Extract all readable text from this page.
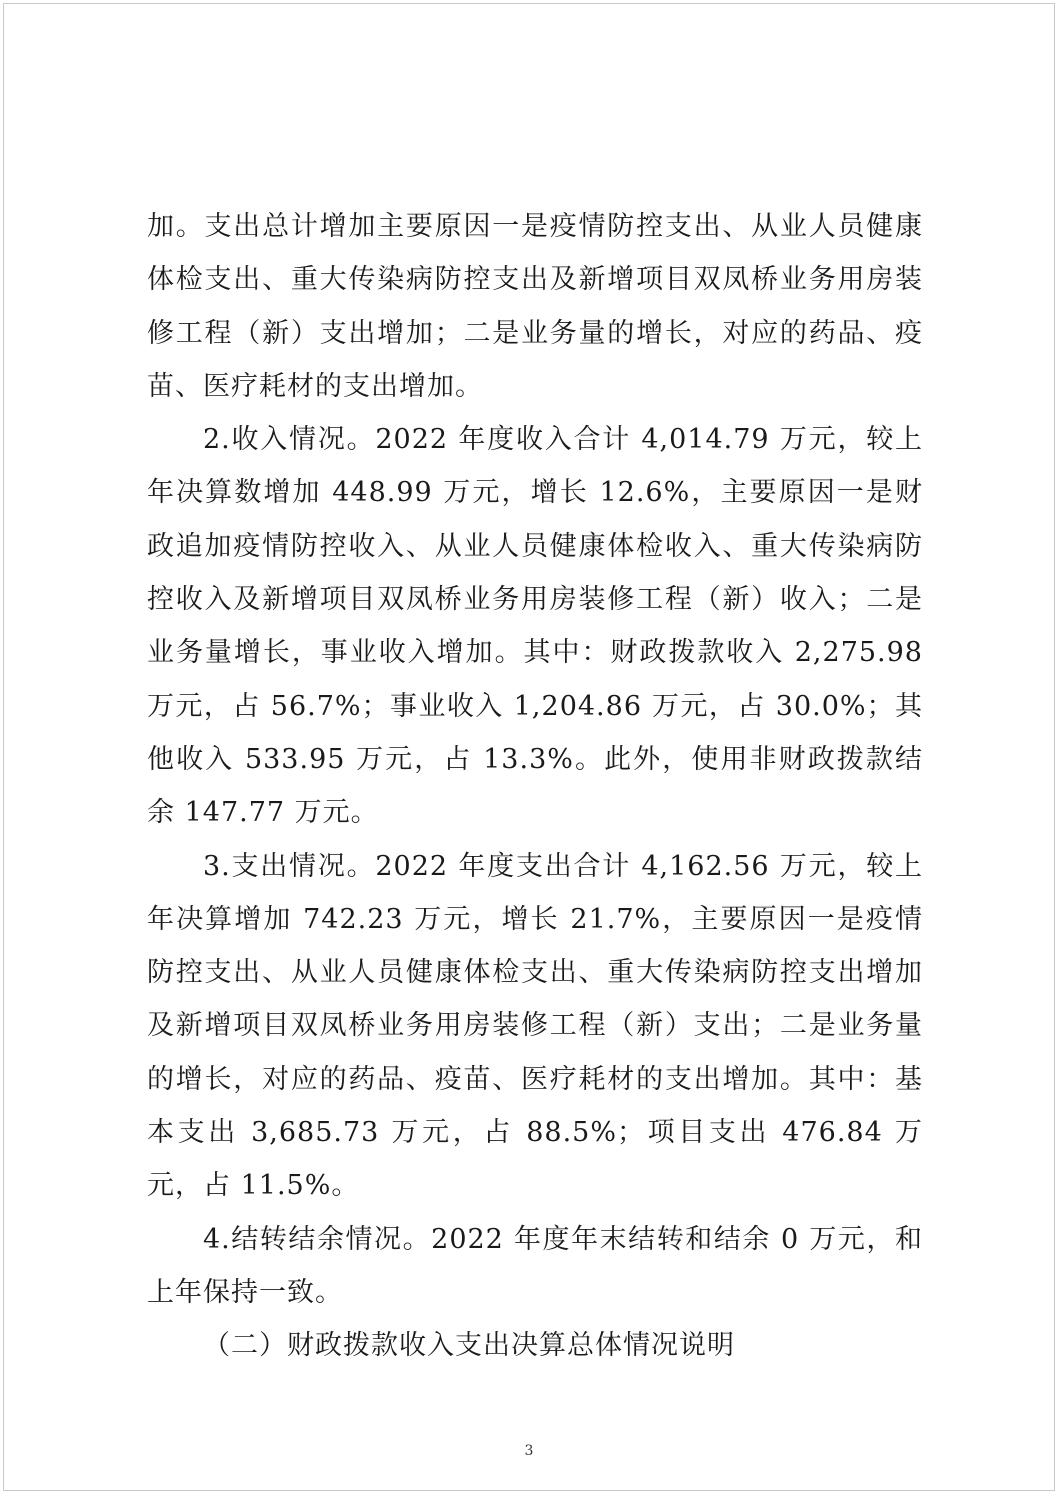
加。支出总计增加主要原因一是疫情防控支出、从业人员健康体检支出、重大传染病防控支出及新增项目双凤桥业务用房装修工程（新）支出增加；二是业务量的增长，对应的药品、疫苗、医疗耗材的支出增加。

2.收入情况。2022 年度收入合计 4,014.79 万元，较上年决算数增加 448.99 万元，增长 12.6%，主要原因一是财政追加疫情防控收入、从业人员健康体检收入、重大传染病防控收入及新增项目双凤桥业务用房装修工程（新）收入；二是业务量增长，事业收入增加。其中：财政拨款收入 2,275.98 万元，占 56.7%；事业收入 1,204.86 万元，占 30.0%；其他收入 533.95 万元，占 13.3%。此外，使用非财政拨款结余 147.77 万元。

3.支出情况。2022 年度支出合计 4,162.56 万元，较上年决算增加 742.23 万元，增长 21.7%，主要原因一是疫情防控支出、从业人员健康体检支出、重大传染病防控支出增加及新增项目双凤桥业务用房装修工程（新）支出；二是业务量的增长，对应的药品、疫苗、医疗耗材的支出增加。其中：基本支出 3,685.73 万元，占 88.5%；项目支出 476.84 万元，占 11.5%。

4.结转结余情况。2022 年度年末结转和结余 0 万元，和上年保持一致。

（二）财政拨款收入支出决算总体情况说明

3
